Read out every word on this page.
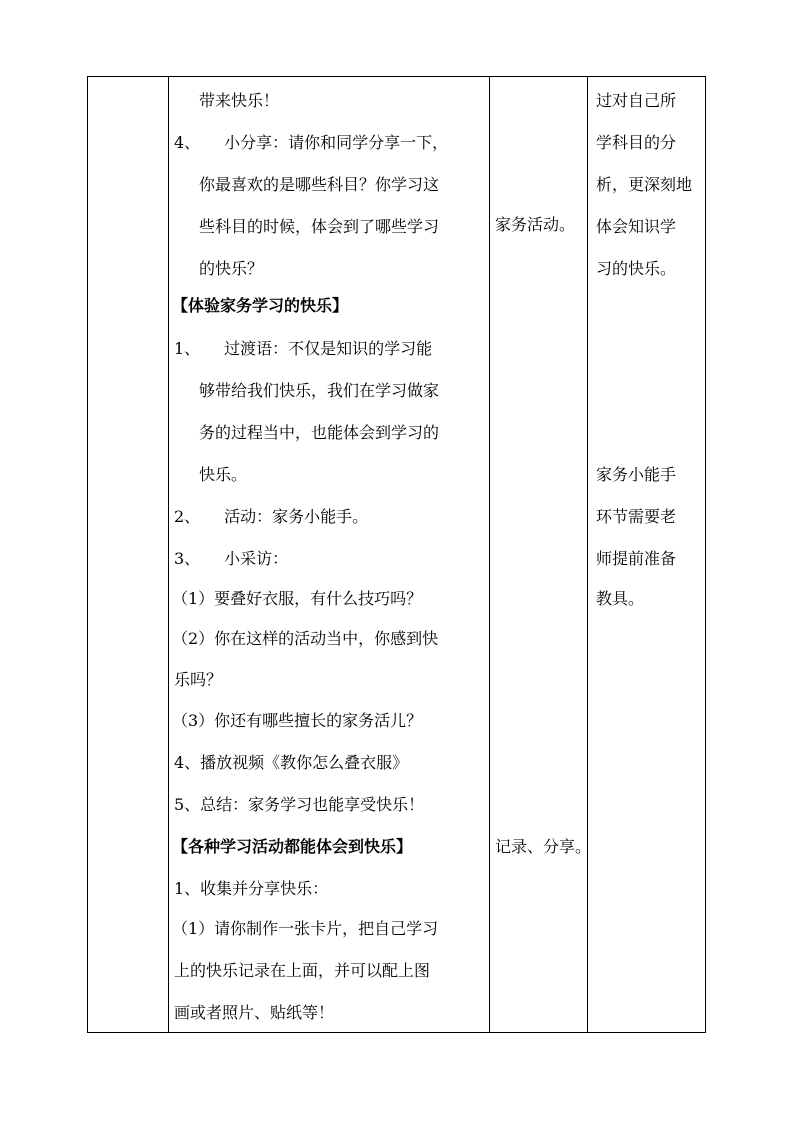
带来快乐！
4、　　小分享：请你和同学分享一下，
你最喜欢的是哪些科目？你学习这
些科目的时候，体会到了哪些学习
的快乐？
【体验家务学习的快乐】
1、　　过渡语：不仅是知识的学习能
够带给我们快乐，我们在学习做家
务的过程当中，也能体会到学习的
快乐。
2、　　活动：家务小能手。
3、　　小采访：
（1）要叠好衣服，有什么技巧吗？
（2）你在这样的活动当中，你感到快
乐吗？
（3）你还有哪些擅长的家务活儿？
4、播放视频《教你怎么叠衣服》
5、总结：家务学习也能享受快乐！
【各种学习活动都能体会到快乐】
1、收集并分享快乐：
（1）请你制作一张卡片，把自己学习
上的快乐记录在上面，并可以配上图
画或者照片、贴纸等！
家务活动。
记录、分享。
过对自己所
学科目的分
析，更深刻地
体会知识学
习的快乐。
家务小能手
环节需要老
师提前准备
教具。
